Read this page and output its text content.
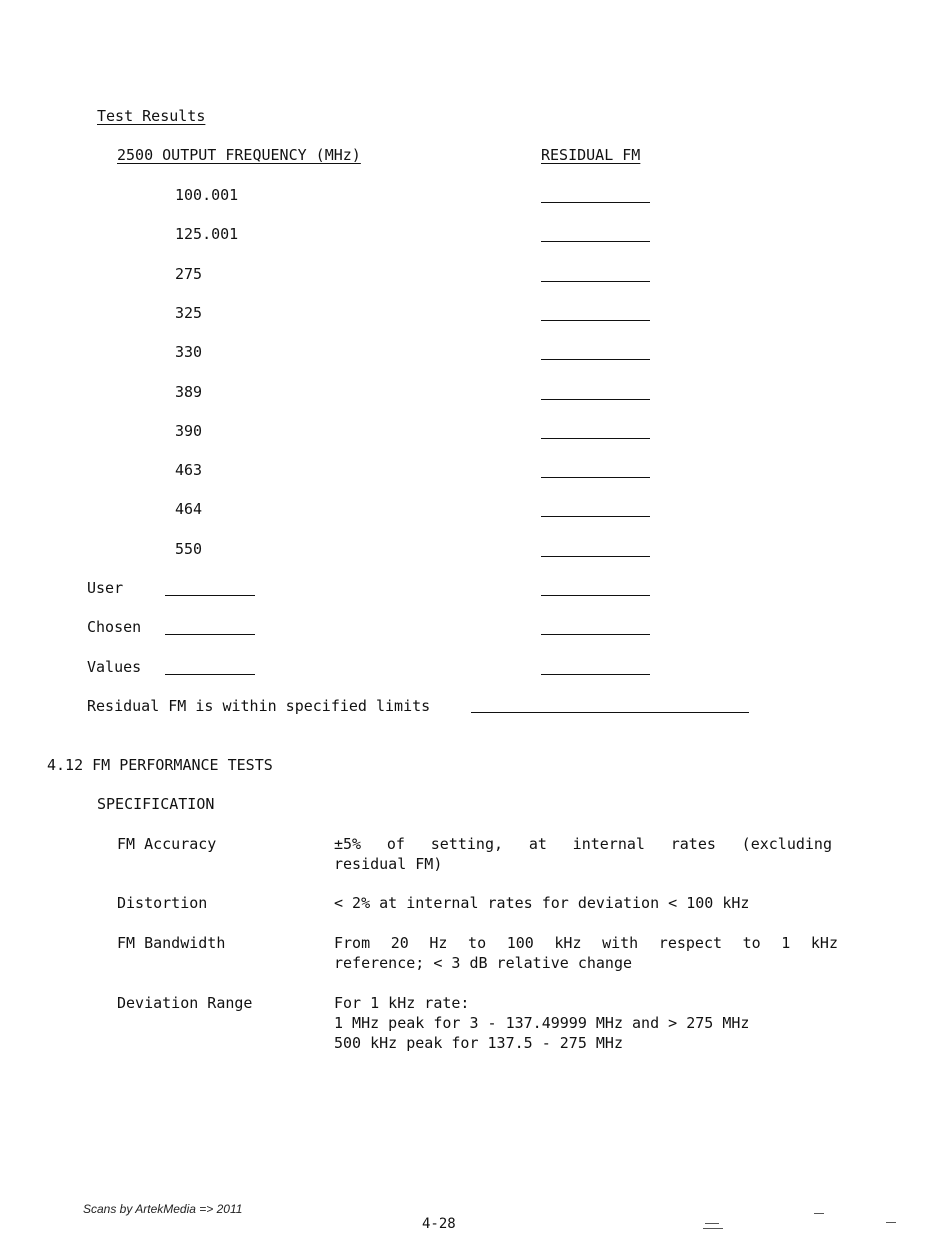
Test Results
2500 OUTPUT FREQUENCY (MHz)	RESIDUAL FM
100.001
125.001
275
325
330
389
390
463
464
550
User
Chosen
Values
Residual FM is within specified limits
4.12 FM PERFORMANCE TESTS
SPECIFICATION
FM Accuracy	±5% of setting, at internal rates (excluding
residual FM)
Distortion	< 2% at internal rates for deviation < 100 kHz
FM Bandwidth	From 20 Hz to 100 kHz with respect to 1 kHz
reference; < 3 dB relative change
Deviation Range	For 1 kHz rate:
1 MHz peak for 3 - 137.49999 MHz and > 275 MHz
500 kHz peak for 137.5 - 275 MHz
Scans by ArtekMedia => 2011
4-28
